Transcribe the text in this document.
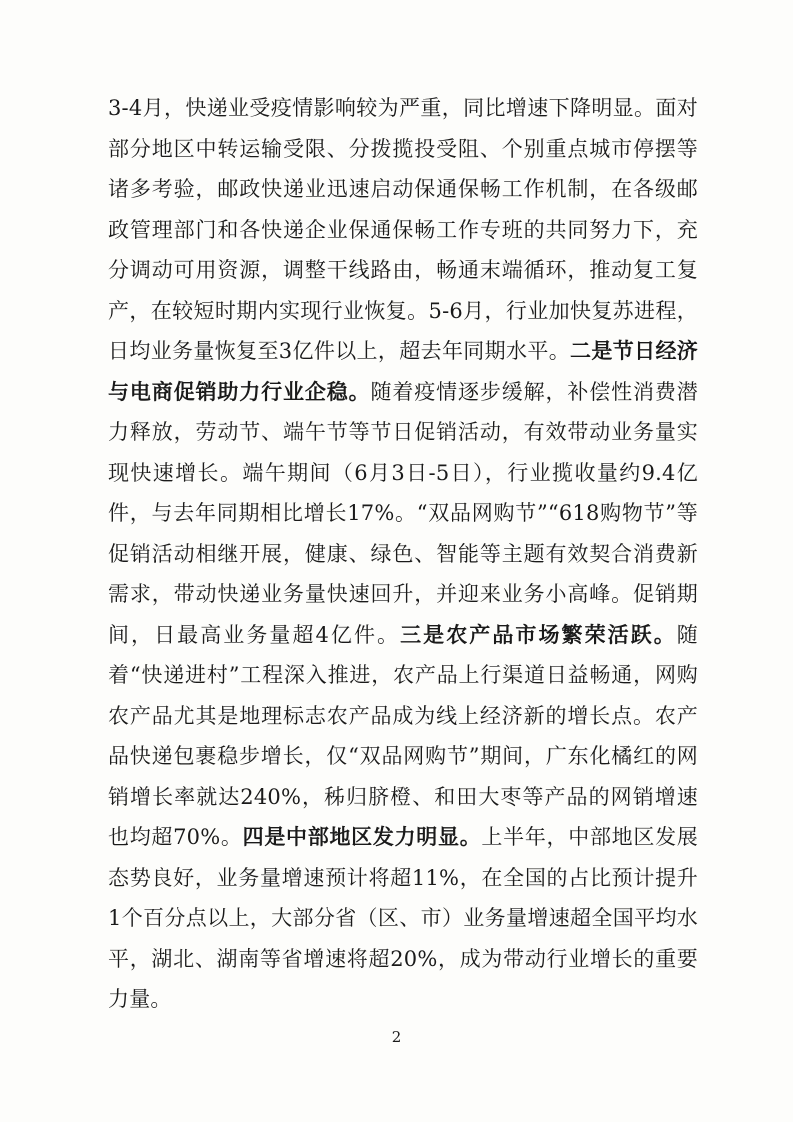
3-4月，快递业受疫情影响较为严重，同比增速下降明显。面对部分地区中转运输受限、分拨揽投受阻、个别重点城市停摆等诸多考验，邮政快递业迅速启动保通保畅工作机制，在各级邮政管理部门和各快递企业保通保畅工作专班的共同努力下，充分调动可用资源，调整干线路由，畅通末端循环，推动复工复产，在较短时期内实现行业恢复。5-6月，行业加快复苏进程，日均业务量恢复至3亿件以上，超去年同期水平。二是节日经济与电商促销助力行业企稳。随着疫情逐步缓解，补偿性消费潜力释放，劳动节、端午节等节日促销活动，有效带动业务量实现快速增长。端午期间（6月3日-5日），行业揽收量约9.4亿件，与去年同期相比增长17%。“双品网购节”“618购物节”等促销活动相继开展，健康、绿色、智能等主题有效契合消费新需求，带动快递业务量快速回升，并迎来业务小高峰。促销期间，日最高业务量超4亿件。三是农产品市场繁荣活跃。随着“快递进村”工程深入推进，农产品上行渠道日益畅通，网购农产品尤其是地理标志农产品成为线上经济新的增长点。农产品快递包裹稳步增长，仅“双品网购节”期间，广东化橘红的网销增长率就达240%，秭归脐橙、和田大枣等产品的网销增速也均超70%。四是中部地区发力明显。上半年，中部地区发展态势良好，业务量增速预计将超11%，在全国的占比预计提升1个百分点以上，大部分省（区、市）业务量增速超全国平均水平，湖北、湖南等省增速将超20%，成为带动行业增长的重要力量。

2
